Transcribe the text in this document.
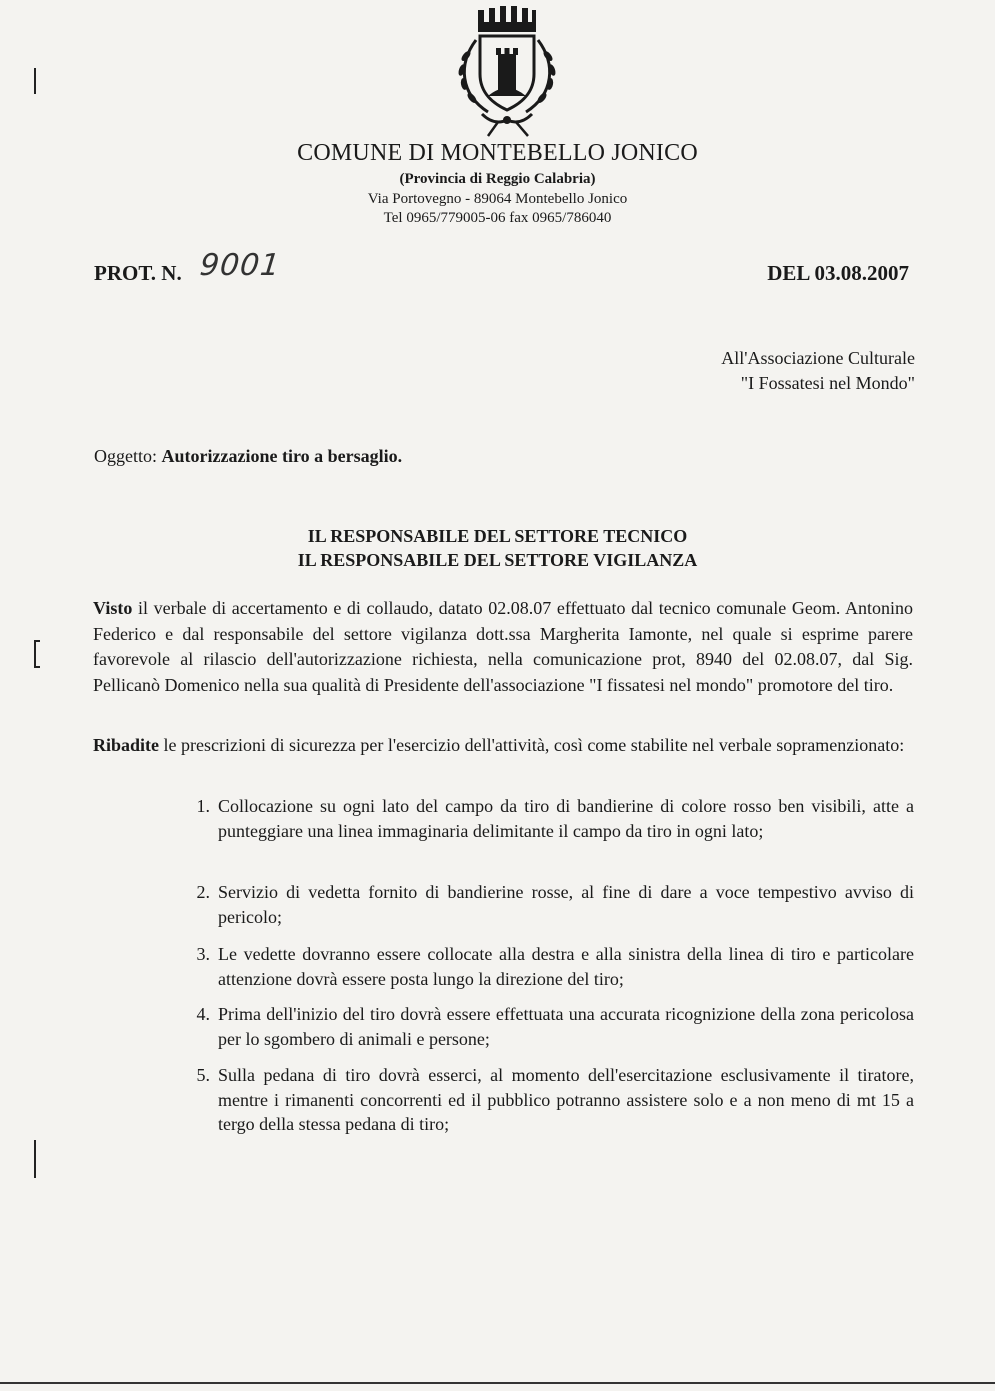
COMUNE DI MONTEBELLO JONICO
(Provincia di Reggio Calabria)
Via Portovegno - 89064 Montebello Jonico
Tel 0965/779005-06 fax 0965/786040
PROT. N. 9001	DEL 03.08.2007
All'Associazione Culturale
"I Fossatesi nel Mondo"
Oggetto: Autorizzazione tiro a bersaglio.
IL RESPONSABILE DEL SETTORE TECNICO
IL RESPONSABILE DEL SETTORE VIGILANZA
Visto il verbale di accertamento e di collaudo, datato 02.08.07 effettuato dal tecnico comunale Geom. Antonino Federico e dal responsabile del settore vigilanza dott.ssa Margherita Iamonte, nel quale si esprime parere favorevole al rilascio dell'autorizzazione richiesta, nella comunicazione prot, 8940 del 02.08.07, dal Sig. Pellicanò Domenico nella sua qualità di Presidente dell'associazione "I fissatesi nel mondo" promotore del tiro.
Ribadite le prescrizioni di sicurezza per l'esercizio dell'attività, così come stabilite nel verbale sopramenzionato:
1. Collocazione su ogni lato del campo da tiro di bandierine di colore rosso ben visibili, atte a punteggiare una linea immaginaria delimitante il campo da tiro in ogni lato;
2. Servizio di vedetta fornito di bandierine rosse, al fine di dare a voce tempestivo avviso di pericolo;
3. Le vedette dovranno essere collocate alla destra e alla sinistra della linea di tiro e particolare attenzione dovrà essere posta lungo la direzione del tiro;
4. Prima dell'inizio del tiro dovrà essere effettuata una accurata ricognizione della zona pericolosa per lo sgombero di animali e persone;
5. Sulla pedana di tiro dovrà esserci, al momento dell'esercitazione esclusivamente il tiratore, mentre i rimanenti concorrenti ed il pubblico potranno assistere solo e a non meno di mt 15 a tergo della stessa pedana di tiro;
